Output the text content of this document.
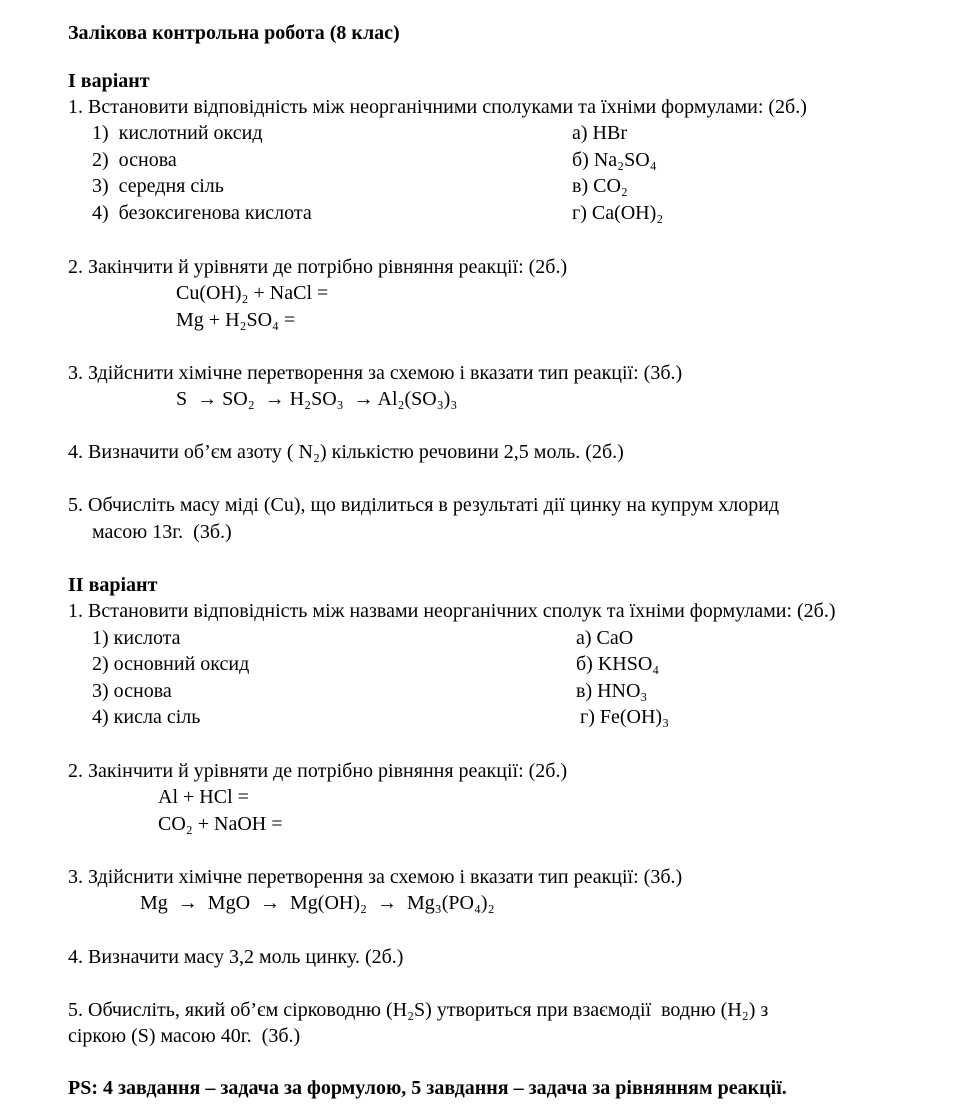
Залікова контрольна робота (8 клас)
I варіант
1. Встановити відповідність між неорганічними сполуками та їхніми формулами: (2б.)
1)  кислотний оксид
2)  основа
3)  середня сіль
4)  безоксигенова кислота
а) HBr
б) Na₂SO₄
в) CO₂
г) Ca(OH)₂
2. Закінчити й урівняти де потрібно рівняння реакції: (2б.)
Cu(OH)₂ + NaCl =
Mg + H₂SO₄ =
3. Здійснити хімічне перетворення за схемою і вказати тип реакції: (3б.)
S  → SO₂  → H₂SO₃  → Al₂(SO₃)₃
4. Визначити об’єм азоту ( N₂) кількістю речовини 2,5 моль. (2б.)
5. Обчисліть масу міді (Cu), що виділиться в результаті дії цинку на купрум хлорид
масою 13г.  (3б.)
II варіант
1. Встановити відповідність між назвами неорганічних сполук та їхніми формулами: (2б.)
1) кислота
2) основний оксид
3) основа
4) кисла сіль
а) CaO
б) KHSO₄
в) HNO₃
г) Fe(OH)₃
2. Закінчити й урівняти де потрібно рівняння реакції: (2б.)
Al + HCl =
CO₂ + NaOH =
3. Здійснити хімічне перетворення за схемою і вказати тип реакції: (3б.)
Mg  →  MgO  →  Mg(OH)₂  →  Mg₃(PO₄)₂
4. Визначити масу 3,2 моль цинку. (2б.)
5. Обчисліть, який об’єм сірководню (H₂S) утвориться при взаємодії  водню (H₂) з
сіркою (S) масою 40г.  (3б.)
PS: 4 завдання – задача за формулою, 5 завдання – задача за рівнянням реакції.
